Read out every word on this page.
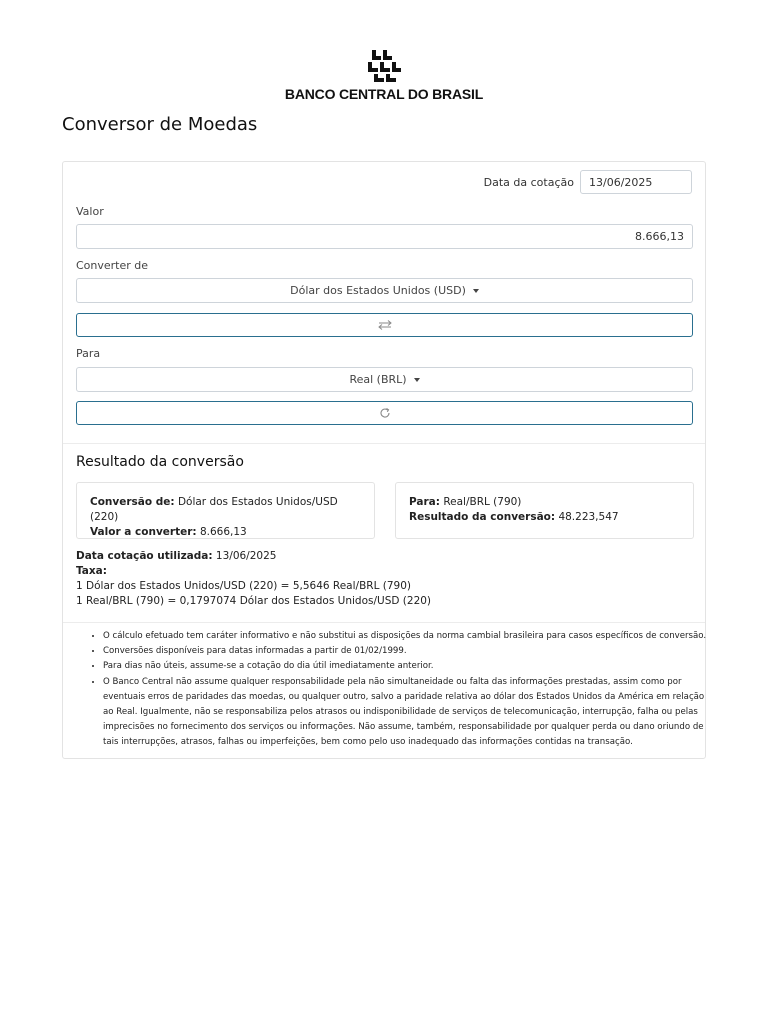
BANCO CENTRAL DO BRASIL
Conversor de Moedas
Data da cotação
13/06/2025
Valor
8.666,13
Converter de
Dólar dos Estados Unidos (USD)
Para
Real (BRL)
Resultado da conversão
Conversão de: Dólar dos Estados Unidos/USD (220)
Valor a converter: 8.666,13
Para: Real/BRL (790)
Resultado da conversão: 48.223,547
Data cotação utilizada: 13/06/2025
Taxa:
1 Dólar dos Estados Unidos/USD (220) = 5,5646 Real/BRL (790)
1 Real/BRL (790) = 0,1797074 Dólar dos Estados Unidos/USD (220)
• O cálculo efetuado tem caráter informativo e não substitui as disposições da norma cambial brasileira para casos específicos de conversão.
• Conversões disponíveis para datas informadas a partir de 01/02/1999.
• Para dias não úteis, assume-se a cotação do dia útil imediatamente anterior.
• O Banco Central não assume qualquer responsabilidade pela não simultaneidade ou falta das informações prestadas, assim como por eventuais erros de paridades das moedas, ou qualquer outro, salvo a paridade relativa ao dólar dos Estados Unidos da América em relação ao Real. Igualmente, não se responsabiliza pelos atrasos ou indisponibilidade de serviços de telecomunicação, interrupção, falha ou pelas imprecisões no fornecimento dos serviços ou informações. Não assume, também, responsabilidade por qualquer perda ou dano oriundo de tais interrupções, atrasos, falhas ou imperfeições, bem como pelo uso inadequado das informações contidas na transação.
